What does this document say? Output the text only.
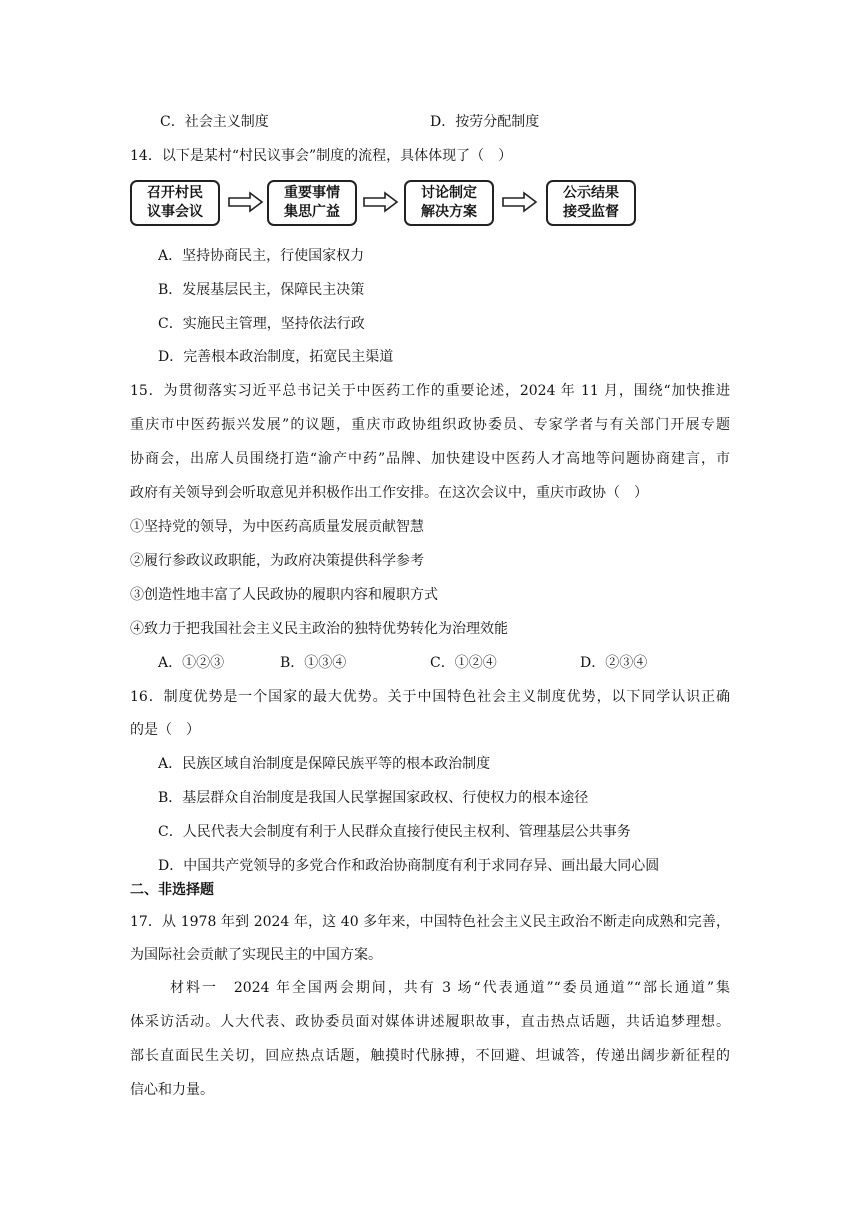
C．社会主义制度	D．按劳分配制度
14．以下是某村“村民议事会”制度的流程，具体体现了（　）
召开村民
议事会议
重要事情
集思广益
讨论制定
解决方案
公示结果
接受监督
A．坚持协商民主，行使国家权力
B．发展基层民主，保障民主决策
C．实施民主管理，坚持依法行政
D．完善根本政治制度，拓宽民主渠道
15．为贯彻落实习近平总书记关于中医药工作的重要论述，2024 年 11 月，围绕“加快推进
重庆市中医药振兴发展”的议题，重庆市政协组织政协委员、专家学者与有关部门开展专题
协商会，出席人员围绕打造“渝产中药”品牌、加快建设中医药人才高地等问题协商建言，市
政府有关领导到会听取意见并积极作出工作安排。在这次会议中，重庆市政协（　）
①坚持党的领导，为中医药高质量发展贡献智慧
②履行参政议政职能，为政府决策提供科学参考
③创造性地丰富了人民政协的履职内容和履职方式
④致力于把我国社会主义民主政治的独特优势转化为治理效能
A．①②③	B．①③④	C．①②④	D．②③④
16．制度优势是一个国家的最大优势。关于中国特色社会主义制度优势，以下同学认识正确
的是（　）
A．民族区域自治制度是保障民族平等的根本政治制度
B．基层群众自治制度是我国人民掌握国家政权、行使权力的根本途径
C．人民代表大会制度有利于人民群众直接行使民主权利、管理基层公共事务
D．中国共产党领导的多党合作和政治协商制度有利于求同存异、画出最大同心圆
二、非选择题
17．从 1978 年到 2024 年，这 40 多年来，中国特色社会主义民主政治不断走向成熟和完善，
为国际社会贡献了实现民主的中国方案。
材料一　2024 年全国两会期间，共有 3 场“代表通道”“委员通道”“部长通道”集
体采访活动。人大代表、政协委员面对媒体讲述履职故事，直击热点话题，共话追梦理想。
部长直面民生关切，回应热点话题，触摸时代脉搏，不回避、坦诚答，传递出阔步新征程的
信心和力量。
